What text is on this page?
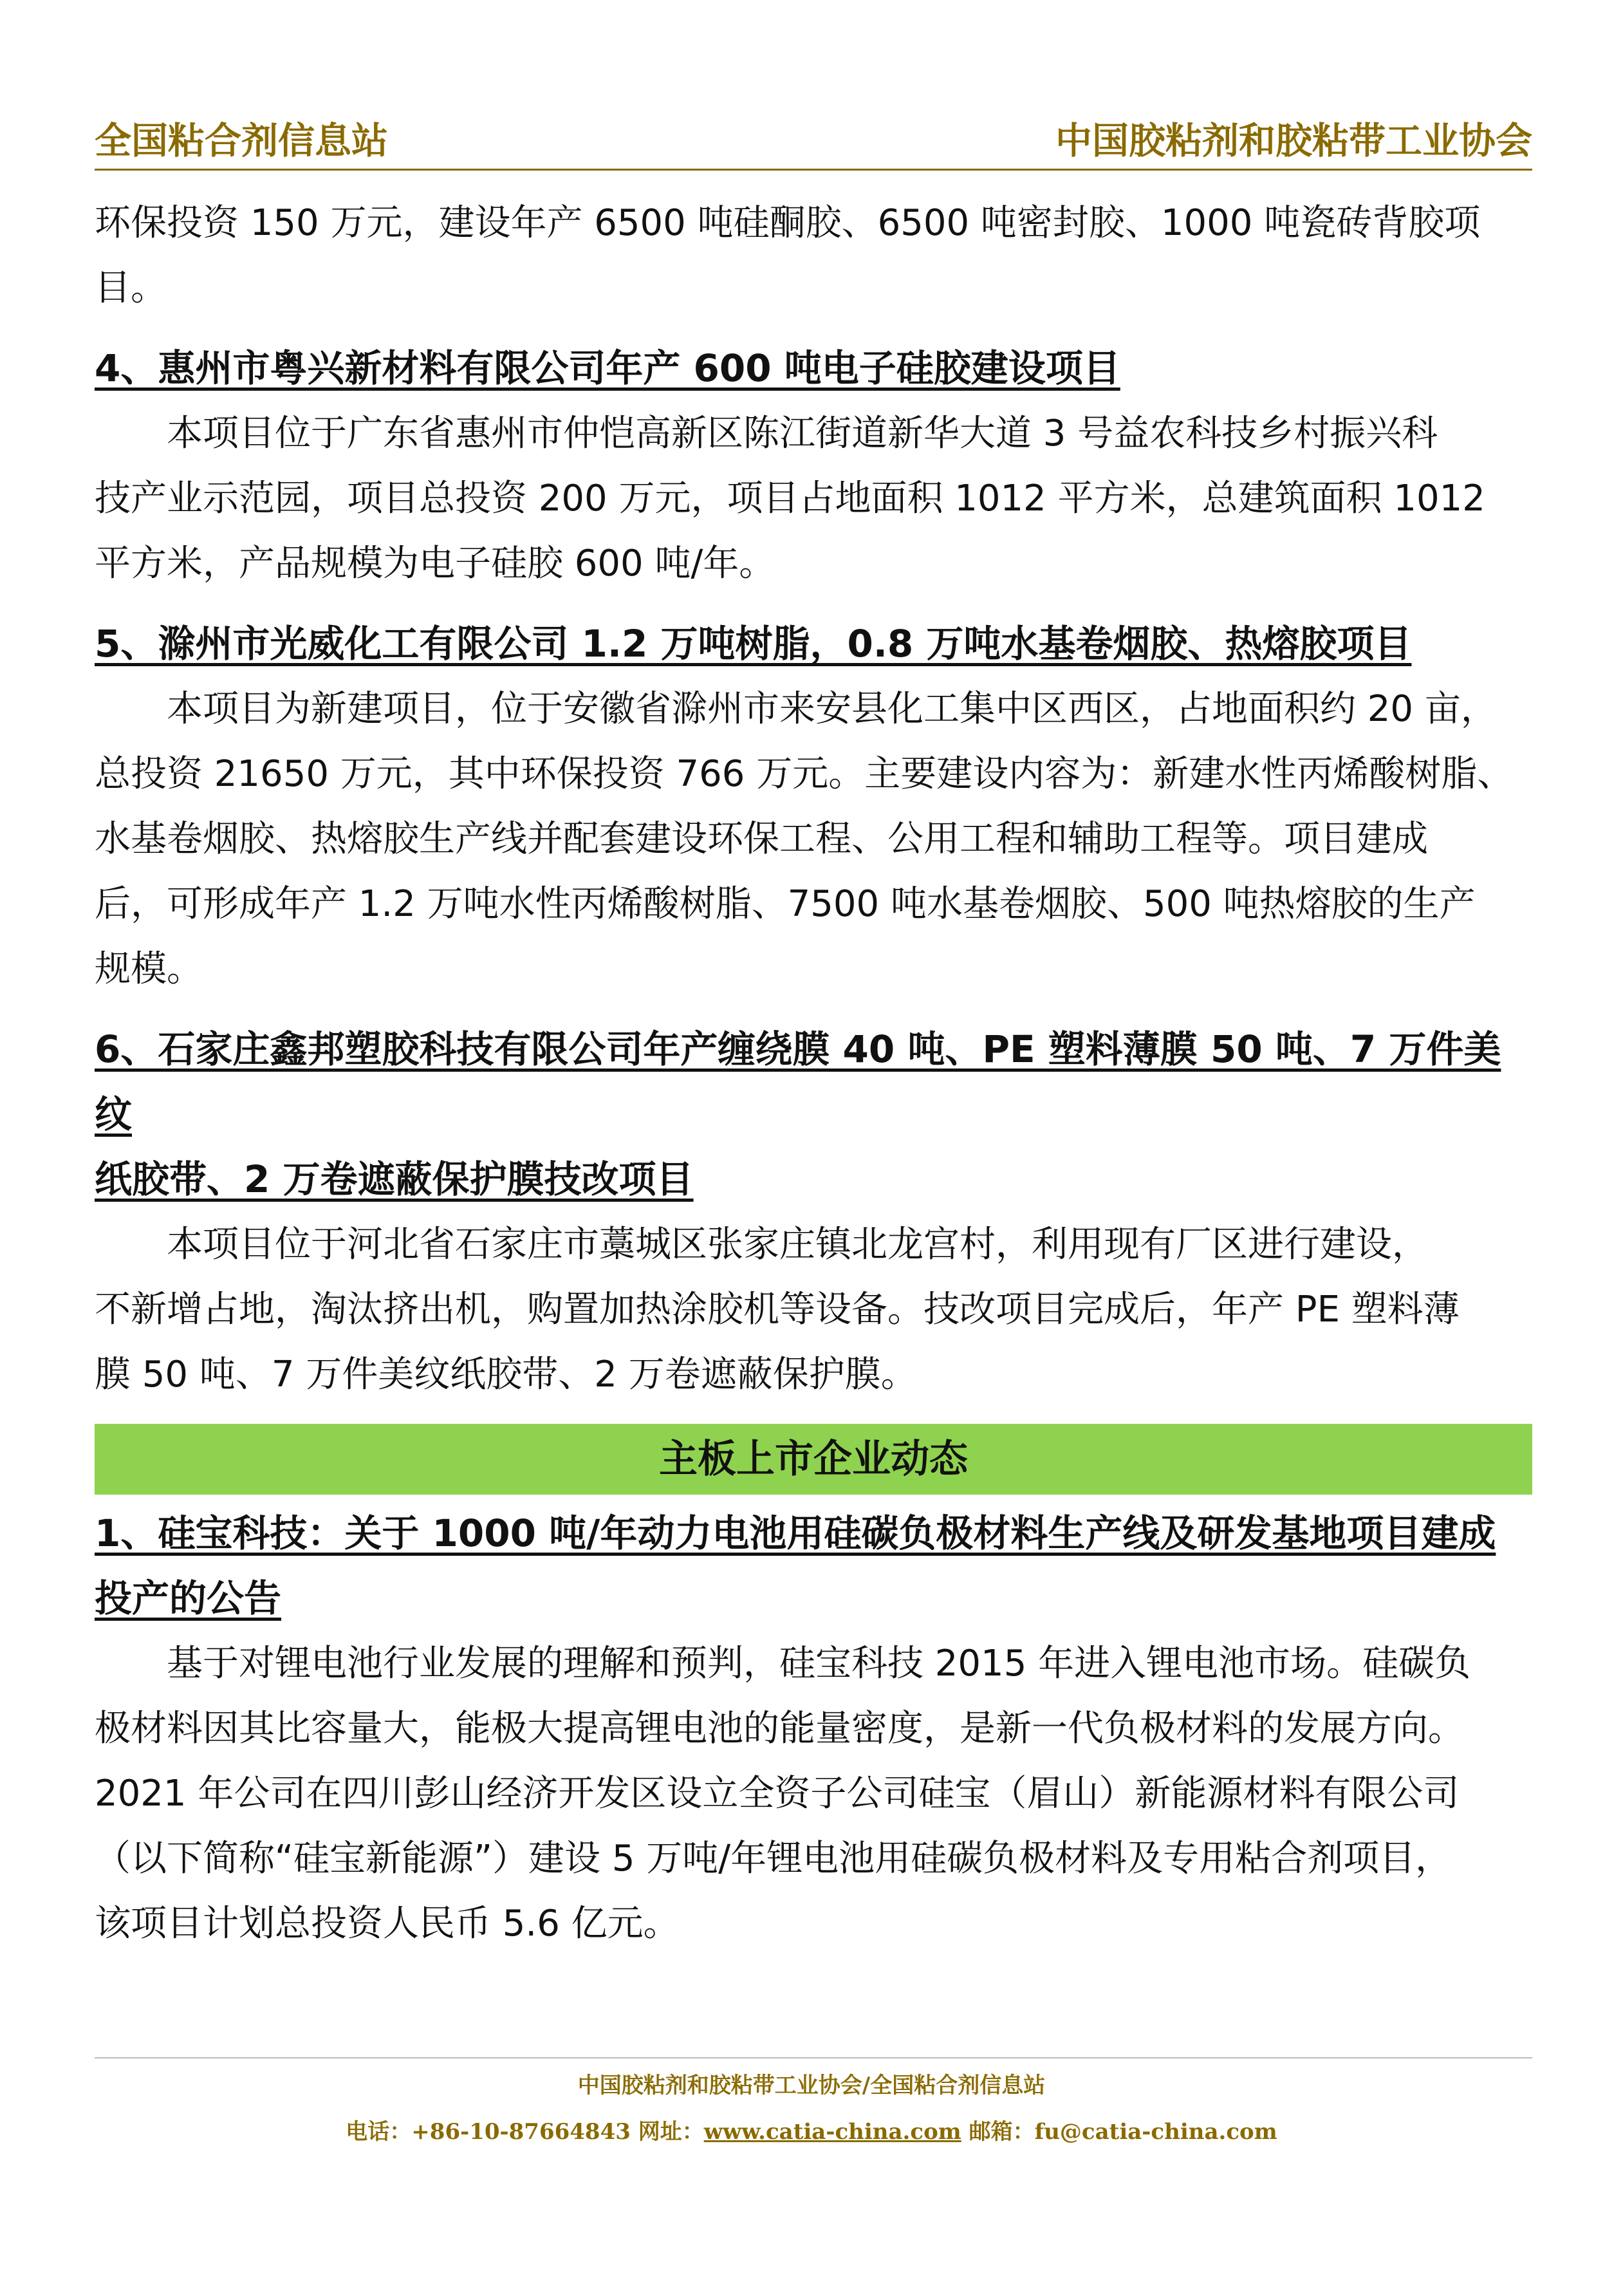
全国粘合剂信息站	中国胶粘剂和胶粘带工业协会

环保投资 150 万元，建设年产 6500 吨硅酮胶、6500 吨密封胶、1000 吨瓷砖背胶项
目。

4、惠州市粤兴新材料有限公司年产 600 吨电子硅胶建设项目

本项目位于广东省惠州市仲恺高新区陈江街道新华大道 3 号益农科技乡村振兴科
技产业示范园，项目总投资 200 万元，项目占地面积 1012 平方米，总建筑面积 1012
平方米，产品规模为电子硅胶 600 吨/年。

5、滁州市光威化工有限公司 1.2 万吨树脂，0.8 万吨水基卷烟胶、热熔胶项目

本项目为新建项目，位于安徽省滁州市来安县化工集中区西区，占地面积约 20 亩，
总投资 21650 万元，其中环保投资 766 万元。主要建设内容为：新建水性丙烯酸树脂、
水基卷烟胶、热熔胶生产线并配套建设环保工程、公用工程和辅助工程等。项目建成
后，可形成年产 1.2 万吨水性丙烯酸树脂、7500 吨水基卷烟胶、500 吨热熔胶的生产
规模。

6、石家庄鑫邦塑胶科技有限公司年产缠绕膜 40 吨、PE 塑料薄膜 50 吨、7 万件美纹
纸胶带、2 万卷遮蔽保护膜技改项目

本项目位于河北省石家庄市藁城区张家庄镇北龙宫村，利用现有厂区进行建设，
不新增占地，淘汰挤出机，购置加热涂胶机等设备。技改项目完成后，年产 PE 塑料薄
膜 50 吨、7 万件美纹纸胶带、2 万卷遮蔽保护膜。

主板上市企业动态

1、硅宝科技：关于 1000 吨/年动力电池用硅碳负极材料生产线及研发基地项目建成
投产的公告

基于对锂电池行业发展的理解和预判，硅宝科技 2015 年进入锂电池市场。硅碳负
极材料因其比容量大，能极大提高锂电池的能量密度，是新一代负极材料的发展方向。
2021 年公司在四川彭山经济开发区设立全资子公司硅宝（眉山）新能源材料有限公司
（以下简称“硅宝新能源”）建设 5 万吨/年锂电池用硅碳负极材料及专用粘合剂项目，
该项目计划总投资人民币 5.6 亿元。

中国胶粘剂和胶粘带工业协会/全国粘合剂信息站
电话：+86-10-87664843 网址：www.catia-china.com 邮箱：fu@catia-china.com
